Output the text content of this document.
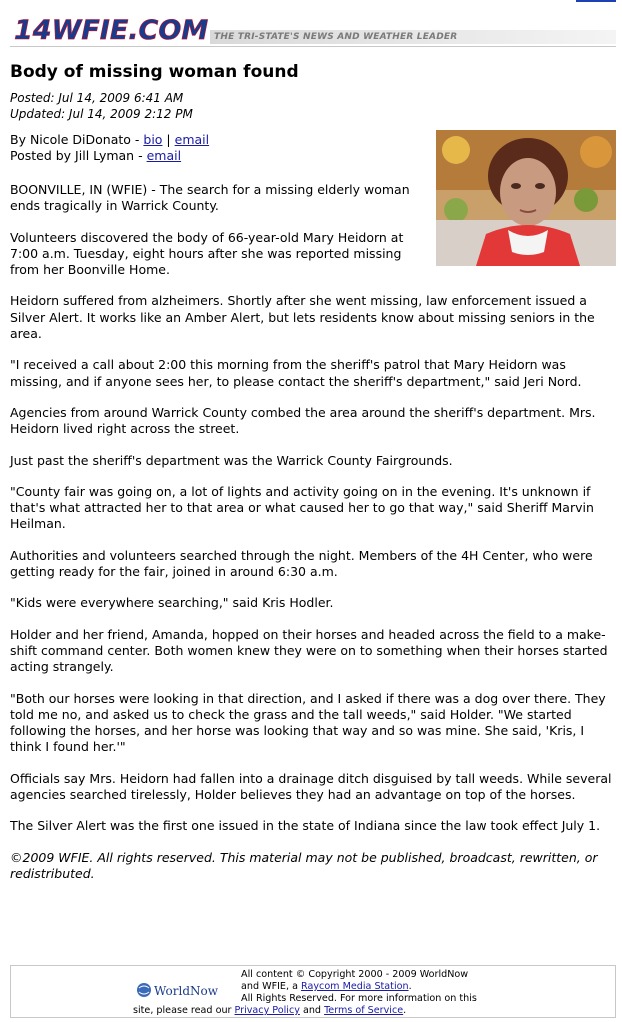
14WFIE.COM THE TRI-STATE'S NEWS AND WEATHER LEADER
Body of missing woman found
Posted: Jul 14, 2009 6:41 AM
Updated: Jul 14, 2009 2:12 PM
By Nicole DiDonato - bio | email
Posted by Jill Lyman - email

BOONVILLE, IN (WFIE) - The search for a missing elderly woman ends tragically in Warrick County.

Volunteers discovered the body of 66-year-old Mary Heidorn at 7:00 a.m. Tuesday, eight hours after she was reported missing from her Boonville Home.

Heidorn suffered from alzheimers. Shortly after she went missing, law enforcement issued a Silver Alert. It works like an Amber Alert, but lets residents know about missing seniors in the area.

"I received a call about 2:00 this morning from the sheriff's patrol that Mary Heidorn was missing, and if anyone sees her, to please contact the sheriff's department," said Jeri Nord.

Agencies from around Warrick County combed the area around the sheriff's department. Mrs. Heidorn lived right across the street.

Just past the sheriff's department was the Warrick County Fairgrounds.

"County fair was going on, a lot of lights and activity going on in the evening. It's unknown if that's what attracted her to that area or what caused her to go that way," said Sheriff Marvin Heilman.

Authorities and volunteers searched through the night. Members of the 4H Center, who were getting ready for the fair, joined in around 6:30 a.m.

"Kids were everywhere searching," said Kris Hodler.

Holder and her friend, Amanda, hopped on their horses and headed across the field to a make-shift command center. Both women knew they were on to something when their horses started acting strangely.

"Both our horses were looking in that direction, and I asked if there was a dog over there. They told me no, and asked us to check the grass and the tall weeds," said Holder. "We started following the horses, and her horse was looking that way and so was mine. She said, 'Kris, I think I found her.'"

Officials say Mrs. Heidorn had fallen into a drainage ditch disguised by tall weeds. While several agencies searched tirelessly, Holder believes they had an advantage on top of the horses.

The Silver Alert was the first one issued in the state of Indiana since the law took effect July 1.

©2009 WFIE. All rights reserved. This material may not be published, broadcast, rewritten, or redistributed.

WorldNow
All content © Copyright 2000 - 2009 WorldNow
and WFIE, a Raycom Media Station.
All Rights Reserved. For more information on this
site, please read our Privacy Policy and Terms of Service.
